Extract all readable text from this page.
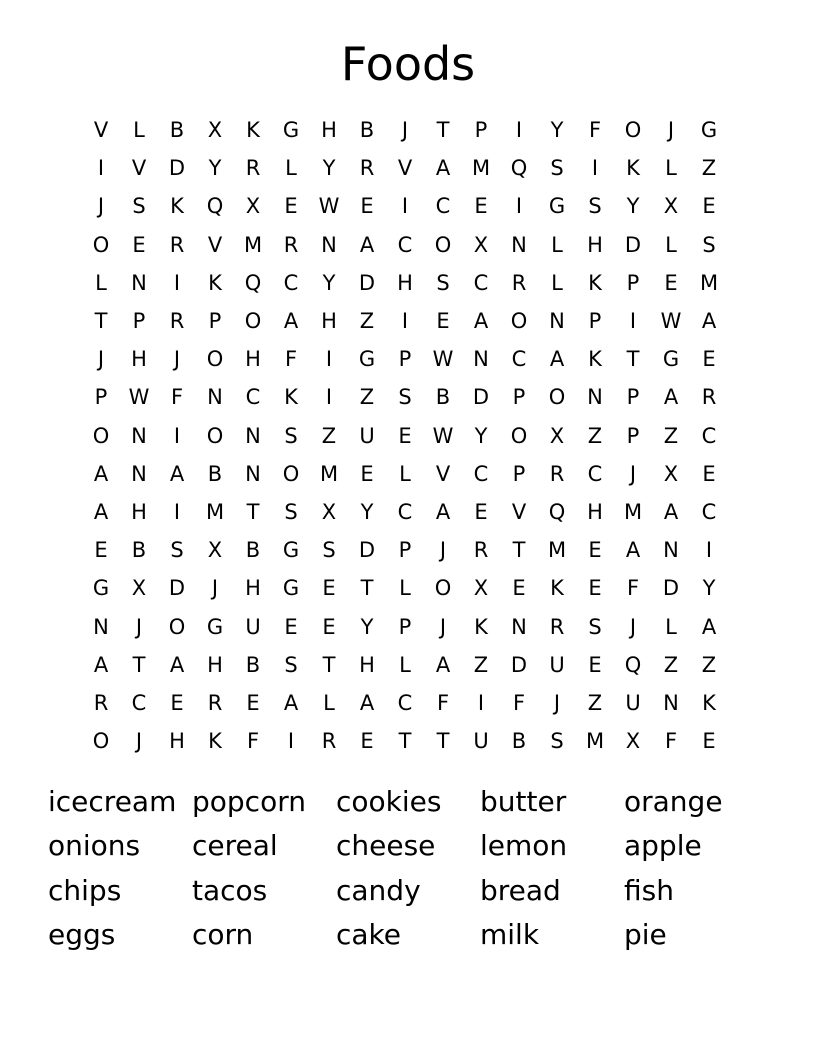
Foods
V	L	B	X	K	G	H	B	J	T	P	I	Y	F	O	J	G
I	V	D	Y	R	L	Y	R	V	A	M Q	S	I	K	L	Z
J	S	K	Q	X	E W E	I	C	E	I	G	S	Y	X	E
O	E	R	V	M	R	N	A	C	O	X	N	L	H	D	L	S
L	N	I	K	Q	C	Y	D	H	S	C	R	L	K	P	E	M
T	P	R	P	O	A	H	Z	I	E	A	O	N	P	I	W A
J	H	J	O	H	F	I	G	P	W N	C	A	K	T	G	E
P	W	F	N	C	K	I	Z	S	B	D	P	O	N	P	A	R
O	N	I	O	N	S	Z	U	E W	Y	O	X	Z	P	Z	C
A	N	A	B	N	O M	E	L	V	C	P	R	C	J	X	E
A	H	I	M	T	S	X	Y	C	A	E	V	Q	H	M	A	C
E	B	S	X	B	G	S	D	P	J	R	T	M	E	A	N	I
G	X	D	J	H	G	E	T	L	O	X	E	K	E	F	D	Y
N	J	O	G	U	E	E	Y	P	J	K	N	R	S	J	L	A
A	T	A	H	B	S	T	H	L	A	Z	D	U	E	Q	Z	Z
R	C	E	R	E	A	L	A	C	F	I	F	J	Z	U	N	K
O	J	H	K	F	I	R	E	T	T	U	B	S	M	X	F	E
icecream popcorn	cookies	butter	orange
onions	cereal	cheese	lemon	apple
chips	tacos	candy	bread	fish
eggs	corn	cake	milk	pie
